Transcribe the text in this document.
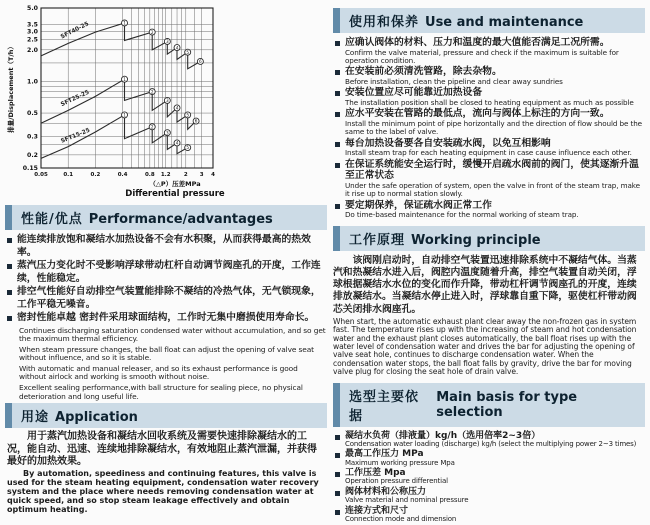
0.05	0.1	0.2	0.4	0.8 1.2 2 3 4
5.0
3.5
3.0
2.5
2.0
1.0
0.5
0.3
0.2
0.15
1
2
3
4
5
6
SFT40-25
1
2
3
4
5
6
SFT25-25
1
2
3
4
5
SFT15-25
排量/Displacement（T/h）
（△P）压差MPa
Differential pressure
性能/优点 Performance/advantages
能连续排放饱和凝结水加热设备不会有水积聚，从而获得最高的热效率。
蒸汽压力变化时不受影响浮球带动杠杆自动调节阀座孔的开度，工作连续，性能稳定。
排空气性能好自动排空气装置能排除不凝结的冷热气体，无气锁现象，工作平稳无噪音。
密封性能卓越 密封件采用球面结构，工作时无集中磨损使用寿命长。

Continues discharging saturation condensed water without accumulation, and so get the maximum thermal efficiency.

When steam pressure changes, the ball float can adjust the opening of valve seat without influence, and so it is stable.

With automatic and manual releaser, and so its exhaust performance is good without airlock and working is smooth without noise.

Excellent sealing performance,with ball structure for sealing piece, no physical deterioration and long useful life.

用途 Application

用于蒸汽加热设备和凝结水回收系统及需要快速排除凝结水的工况，能自动、迅速、连续地排除凝结水，有效地阻止蒸汽泄漏，并获得最好的加热效果。

By automation, speediness and continuing features, this valve is used for the steam heating equipment, condensation water recovery system and the place where needs removing condensation water at quick speed, and so stop steam leakage effectively and obtain optimum heating.

使用和保养 Use and maintenance
应确认阀体的材料、压力和温度的最大值能否满足工况所需。
Confirm the valve material, pressure and check if the maximum is suitable for operation condition.
在安装前必须清洗管路，除去杂物。
Before installation, clean the pipeline and clear away sundries
安装位置应尽可能靠近加热设备
The installation position shall be closed to heating equipment as much as possible
应水平安装在管路的最低点，流向与阀体上标注的方向一致。
Install the minimum point of pipe horizontally and the direction of flow should be the same to the label of valve.
每台加热设备要各自安装疏水阀，以免互相影响
Install steam trap for each heating equipment in case cause influence each other.
在保证系统能安全运行时，缓慢开启疏水阀前的阀门，使其逐渐升温至正常状态
Under the safe operation of system, open the valve in front of the steam trap, make it rise up to normal station slowly.
要定期保养，保证疏水阀正常工作
Do time-based maintenance for the normal working of steam trap.
工作原理 Working principle

该阀刚启动时，自动排空气装置迅速排除系统中不凝结气体。当蒸汽和热凝结水进入后，阀腔内温度随着升高，排空气装置自动关闭，浮球根据凝结水水位的变化而作升降，带动杠杆调节阀座孔的开度，连续排放凝结水。当凝结水停止进入时，浮球靠自重下降，驱使杠杆带动阀芯关闭排水阀座孔。

When start, the automatic exhaust plant clear away the non-frozen gas in system fast. The temperature rises up with the increasing of steam and hot condensation water and the exhaust plant closes automatically, the ball float rises up with the water level of condensation water and drives the bar for adjusting the opening of valve seat hole, continues to discharge condensation water. When the condensation water stops, the ball float falls by gravity, drive the bar for moving valve plug for closing the seat hole of drain valve.

选型主要依据
Main basis for type selection
凝结水负荷（排液量）kg/h（选用倍率2~3倍）
Condensation water loading (discharge) kg/h (select the multiplying power 2~3 times)
最高工作压力 MPa
Maximum working pressure Mpa
工作压差 Mpa
Operation pressure differential
阀体材料和公称压力
Valve material and nominal pressure
连接方式和尺寸
Connection mode and dimension
